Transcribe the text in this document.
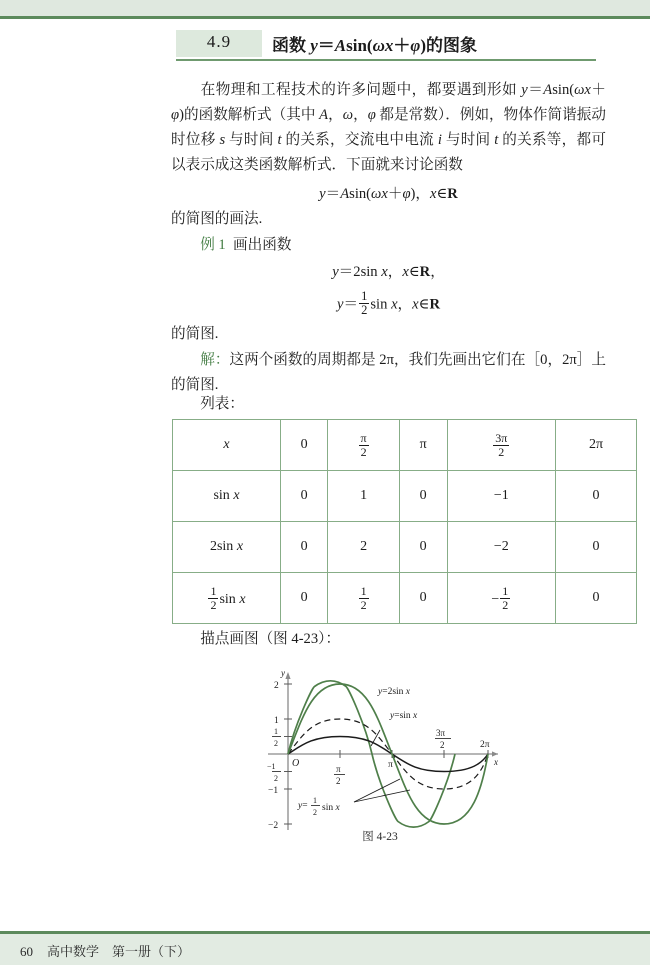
4.9	函数 y＝Asin(ωx＋φ)的图象
在物理和工程技术的许多问题中，都要遇到形如 y＝Asin(ωx＋φ)的函数解析式（其中 A，ω，φ 都是常数）．例如，物体作简谐振动时位移 s 与时间 t 的关系，交流电中电流 i 与时间 t 的关系等，都可以表示成这类函数解析式．下面就来讨论函数
y＝Asin(ωx＋φ)，x∈R
的简图的画法.
例 1 画出函数
y＝2sin x，x∈R，
$y= \frac{1}{2}$ sin x，x∈R
的简图.
解：这两个函数的周期都是 2π，我们先画出它们在［0，2π］上的简图.
列表：
x	0	$\frac{\pi}{2}$	π	$\frac{3\pi}{2}$	2π
sin x	0	1	0	−1	0
2sin x	0	2	0	−2	0

$\frac{1}{2}$ sin x	0	$\frac{1}{2}$	0	− $\frac{1}{2}$	0
描点画图（图 4-23）：
y
x
O
2
1
1
2
−1
2
−1
−2
π
2
π
3π
2	2π
y=2sin x
y=sin x
y=
1
2 sin x
图 4-23
60 高中数学　第一册（下）
